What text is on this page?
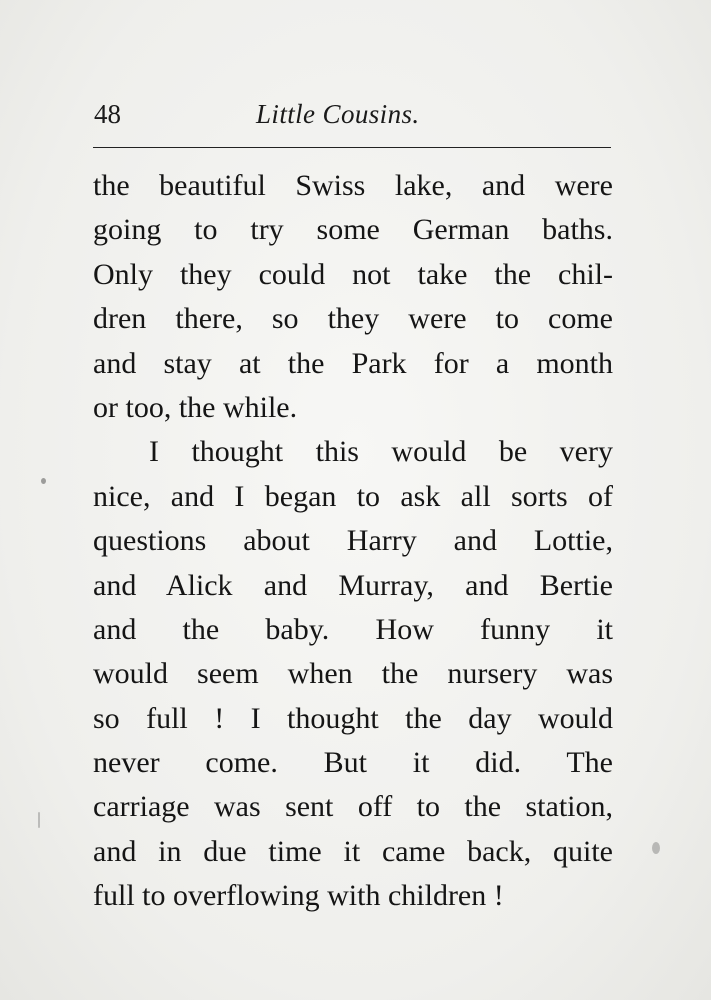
48	Little Cousins.
the beautiful Swiss lake, and were
going to try some German baths.
Only they could not take the chil-
dren there, so they were to come
and stay at the Park for a month
or too, the while.
I thought this would be very
nice, and I began to ask all sorts of
questions about Harry and Lottie,
and Alick and Murray, and Bertie
and the baby. How funny it
would seem when the nursery was
so full ! I thought the day would
never come. But it did. The
carriage was sent off to the station,
and in due time it came back, quite
full to overflowing with children !
